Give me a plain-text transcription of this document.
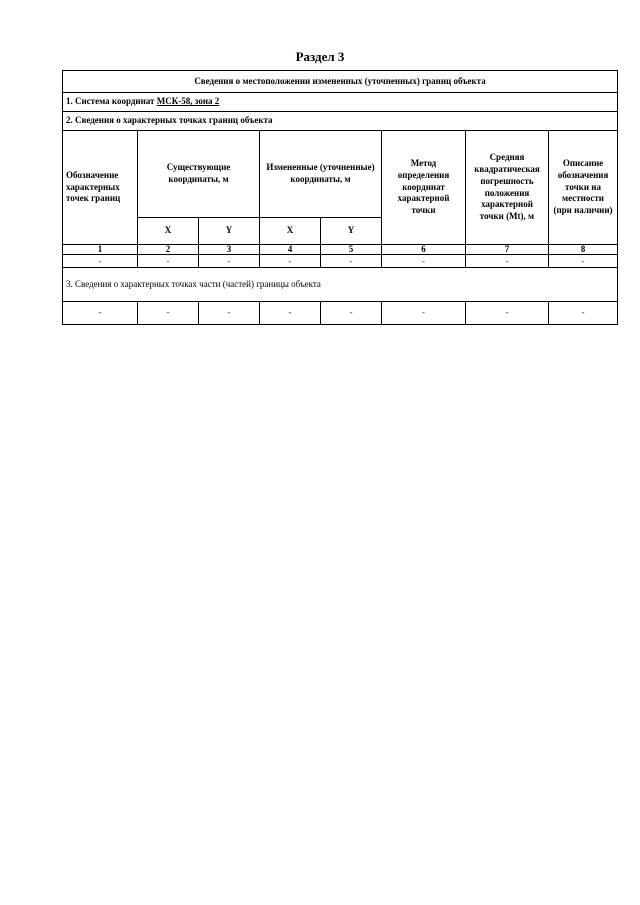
Раздел 3
Сведения о местоположении измененных (уточненных) границ объекта							
1. Система координат МСК-58, зона 2							
2. Сведения о характерных точках границ объекта							
Обозначение характерных точек границ	Существующие координаты, м		Измененные (уточненные) координаты, м		Метод определения координат характерной точки	Средняя квадратическая погрешность положения характерной точки (Mt), м	Описание обозначения точки на местности (при наличии)
	X	Y	X	Y			
1	2	3	4	5	6	7	8
-	-	-	-	-	-	-	-
3. Сведения о характерных точках части (частей) границы объекта							
-	-	-	-	-	-	-	-
